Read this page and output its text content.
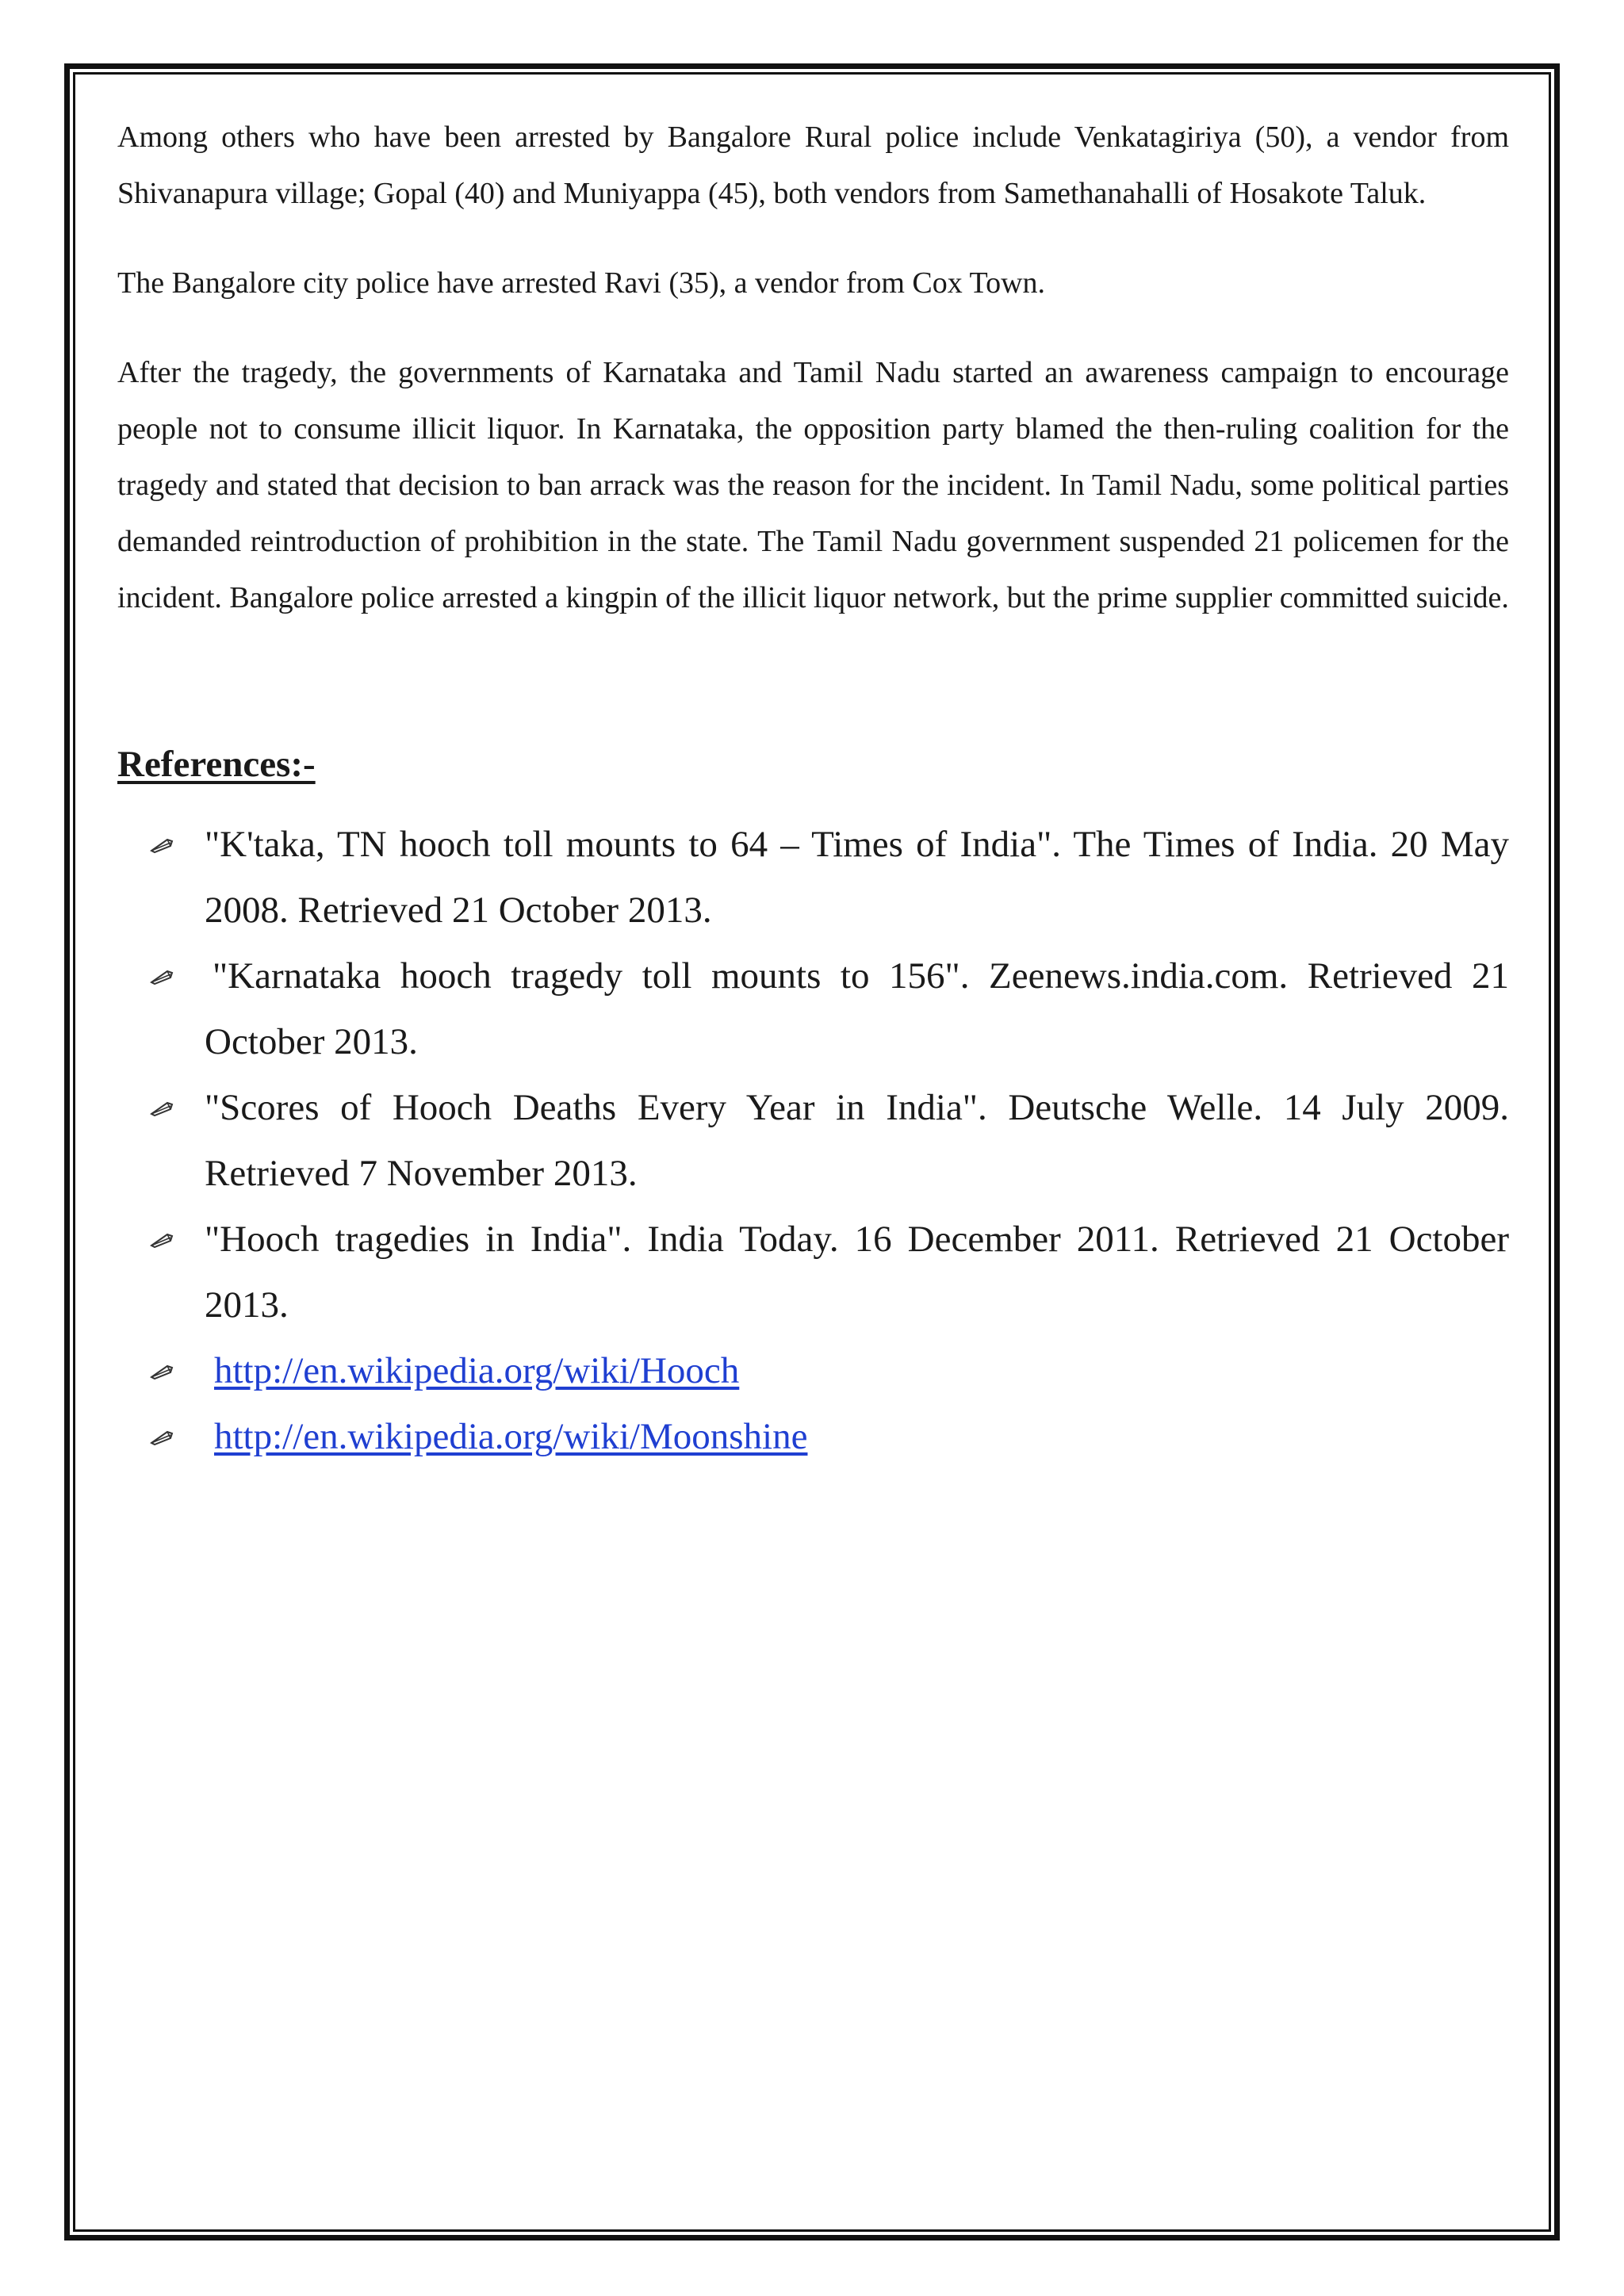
Among others who have been arrested by Bangalore Rural police include Venkatagiriya (50), a vendor from Shivanapura village; Gopal (40) and Muniyappa (45), both vendors from Samethanahalli of Hosakote Taluk.

The Bangalore city police have arrested Ravi (35), a vendor from Cox Town.

After the tragedy, the governments of Karnataka and Tamil Nadu started an awareness campaign to encourage people not to consume illicit liquor. In Karnataka, the opposition party blamed the then-ruling coalition for the tragedy and stated that decision to ban arrack was the reason for the incident. In Tamil Nadu, some political parties demanded reintroduction of prohibition in the state. The Tamil Nadu government suspended 21 policemen for the incident. Bangalore police arrested a kingpin of the illicit liquor network, but the prime supplier committed suicide.

References:-
"K'taka, TN hooch toll mounts to 64 – Times of India". The Times of India. 20 May 2008. Retrieved 21 October 2013.
"Karnataka hooch tragedy toll mounts to 156". Zeenews.india.com. Retrieved 21 October 2013.
"Scores of Hooch Deaths Every Year in India". Deutsche Welle. 14 July 2009. Retrieved 7 November 2013.
"Hooch tragedies in India". India Today. 16 December 2011. Retrieved 21 October 2013.
http://en.wikipedia.org/wiki/Hooch
http://en.wikipedia.org/wiki/Moonshine
